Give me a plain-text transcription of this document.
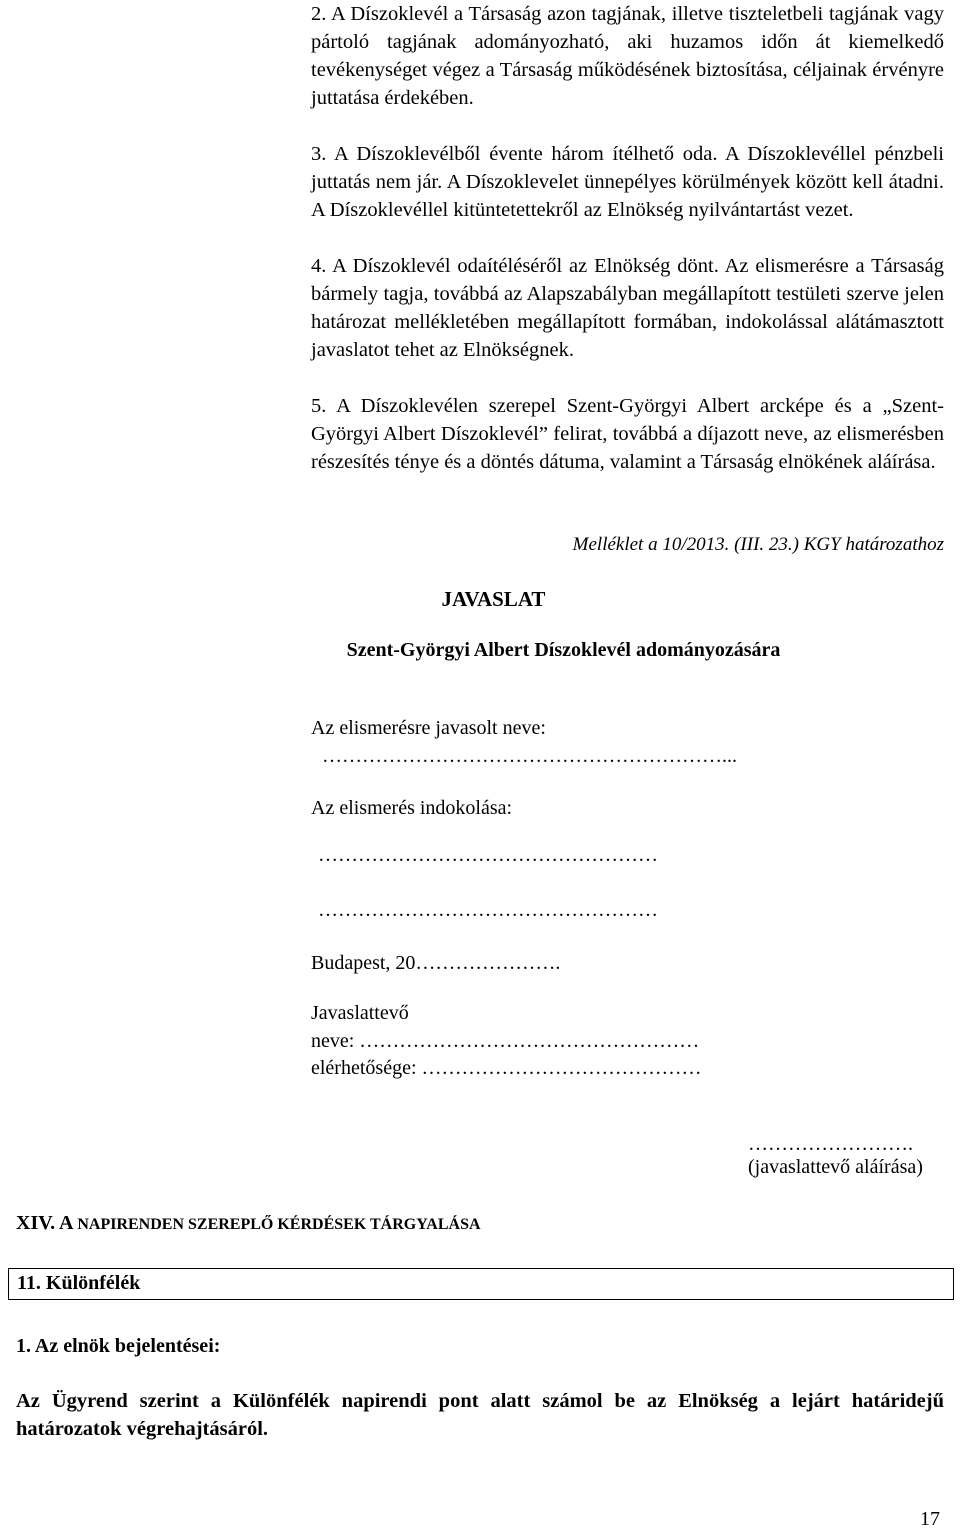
2. A Díszoklevél a Társaság azon tagjának, illetve tiszteletbeli tagjának vagy pártoló tagjának adományozható, aki huzamos időn át kiemelkedő tevékenységet végez a Társaság működésének biztosítása, céljainak érvényre juttatása érdekében.
3. A Díszoklevélből évente három ítélhető oda. A Díszoklevéllel pénzbeli juttatás nem jár. A Díszoklevelet ünnepélyes körülmények között kell átadni. A Díszoklevéllel kitüntetettekről az Elnökség nyilvántartást vezet.
4. A Díszoklevél odaítéléséről az Elnökség dönt. Az elismerésre a Társaság bármely tagja, továbbá az Alapszabályban megállapított testületi szerve jelen határozat mellékletében megállapított formában, indokolással alátámasztott javaslatot tehet az Elnökségnek.
5. A Díszoklevélen szerepel Szent-Györgyi Albert arcképe és a „Szent-Györgyi Albert Díszoklevél” felirat, továbbá a díjazott neve, az elismerésben részesítés ténye és a döntés dátuma, valamint a Társaság elnökének aláírása.
Melléklet a 10/2013. (III. 23.) KGY határozathoz
JAVASLAT
Szent-Györgyi Albert Díszoklevél adományozására
Az elismerésre javasolt neve:
……………………………………………………...
Az elismerés indokolása:
……………………………………………
……………………………………………
Budapest, 20………………….
Javaslattevő
neve: ……………………………………………
elérhetősége: ……………………………………
…………………….
(javaslattevő aláírása)
XIV. A NAPIRENDEN SZEREPLŐ KÉRDÉSEK TÁRGYALÁSA
11. Különfélék
1. Az elnök bejelentései:
Az Ügyrend szerint a Különfélék napirendi pont alatt számol be az Elnökség a lejárt határidejű határozatok végrehajtásáról.
17
